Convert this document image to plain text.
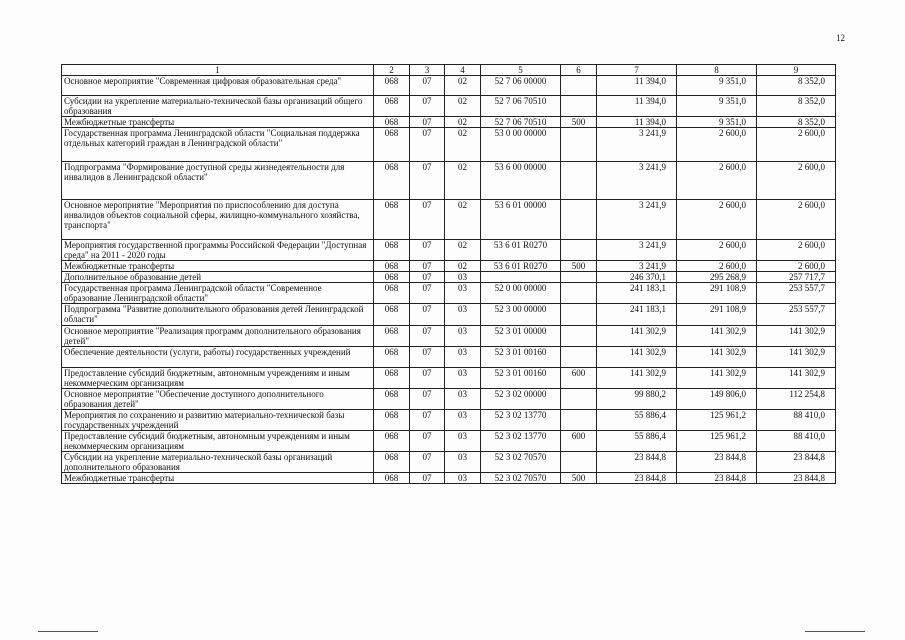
12
1	2	3	4	5	6	7	8	9
Основное мероприятие "Современная цифровая образовательная среда"	068	07	02	52 7 06 00000		11 394,0	9 351,0	8 352,0
Субсидии на укрепление материально-технической базы организаций общего образования	068	07	02	52 7 06 70510		11 394,0	9 351,0	8 352,0
Межбюджетные трансферты	068	07	02	52 7 06 70510	500	11 394,0	9 351,0	8 352,0
Государственная программа Ленинградской области "Социальная поддержка отдельных категорий граждан в Ленинградской области"	068	07	02	53 0 00 00000		3 241,9	2 600,0	2 600,0
Подпрограмма "Формирование доступной среды жизнедеятельности для инвалидов в Ленинградской области"	068	07	02	53 6 00 00000		3 241,9	2 600,0	2 600,0
Основное мероприятие "Мероприятия по приспособлению для доступа инвалидов объектов социальной сферы, жилищно-коммунального хозяйства, транспорта"	068	07	02	53 6 01 00000		3 241,9	2 600,0	2 600,0
Мероприятия государственной программы Российской Федерации "Доступная среда" на 2011 - 2020 годы	068	07	02	53 6 01 R0270		3 241,9	2 600,0	2 600,0
Межбюджетные трансферты	068	07	02	53 6 01 R0270	500	3 241,9	2 600,0	2 600,0
Дополнительное образование детей	068	07	03			246 370,1	295 268,9	257 717,7
Государственная программа Ленинградской области "Современное образование Ленинградской области"	068	07	03	52 0 00 00000		241 183,1	291 108,9	253 557,7
Подпрограмма "Развитие дополнительного образования детей Ленинградской области"	068	07	03	52 3 00 00000		241 183,1	291 108,9	253 557,7
Основное мероприятие "Реализация программ дополнительного образования детей"	068	07	03	52 3 01 00000		141 302,9	141 302,9	141 302,9
Обеспечение деятельности (услуги, работы) государственных учреждений	068	07	03	52 3 01 00160		141 302,9	141 302,9	141 302,9
Предоставление субсидий бюджетным, автономным учреждениям и иным некоммерческим организациям	068	07	03	52 3 01 00160	600	141 302,9	141 302,9	141 302,9
Основное мероприятие "Обеспечение доступного дополнительного образования детей"	068	07	03	52 3 02 00000		99 880,2	149 806,0	112 254,8
Мероприятия по сохранению и развитию материально-технической базы государственных учреждений	068	07	03	52 3 02 13770		55 886,4	125 961,2	88 410,0
Предоставление субсидий бюджетным, автономным учреждениям и иным некоммерческим организациям	068	07	03	52 3 02 13770	600	55 886,4	125 961,2	88 410,0
Субсидии на укрепление материально-технической базы организаций дополнительного образования	068	07	03	52 3 02 70570		23 844,8	23 844,8	23 844,8
Межбюджетные трансферты	068	07	03	52 3 02 70570	500	23 844,8	23 844,8	23 844,8
